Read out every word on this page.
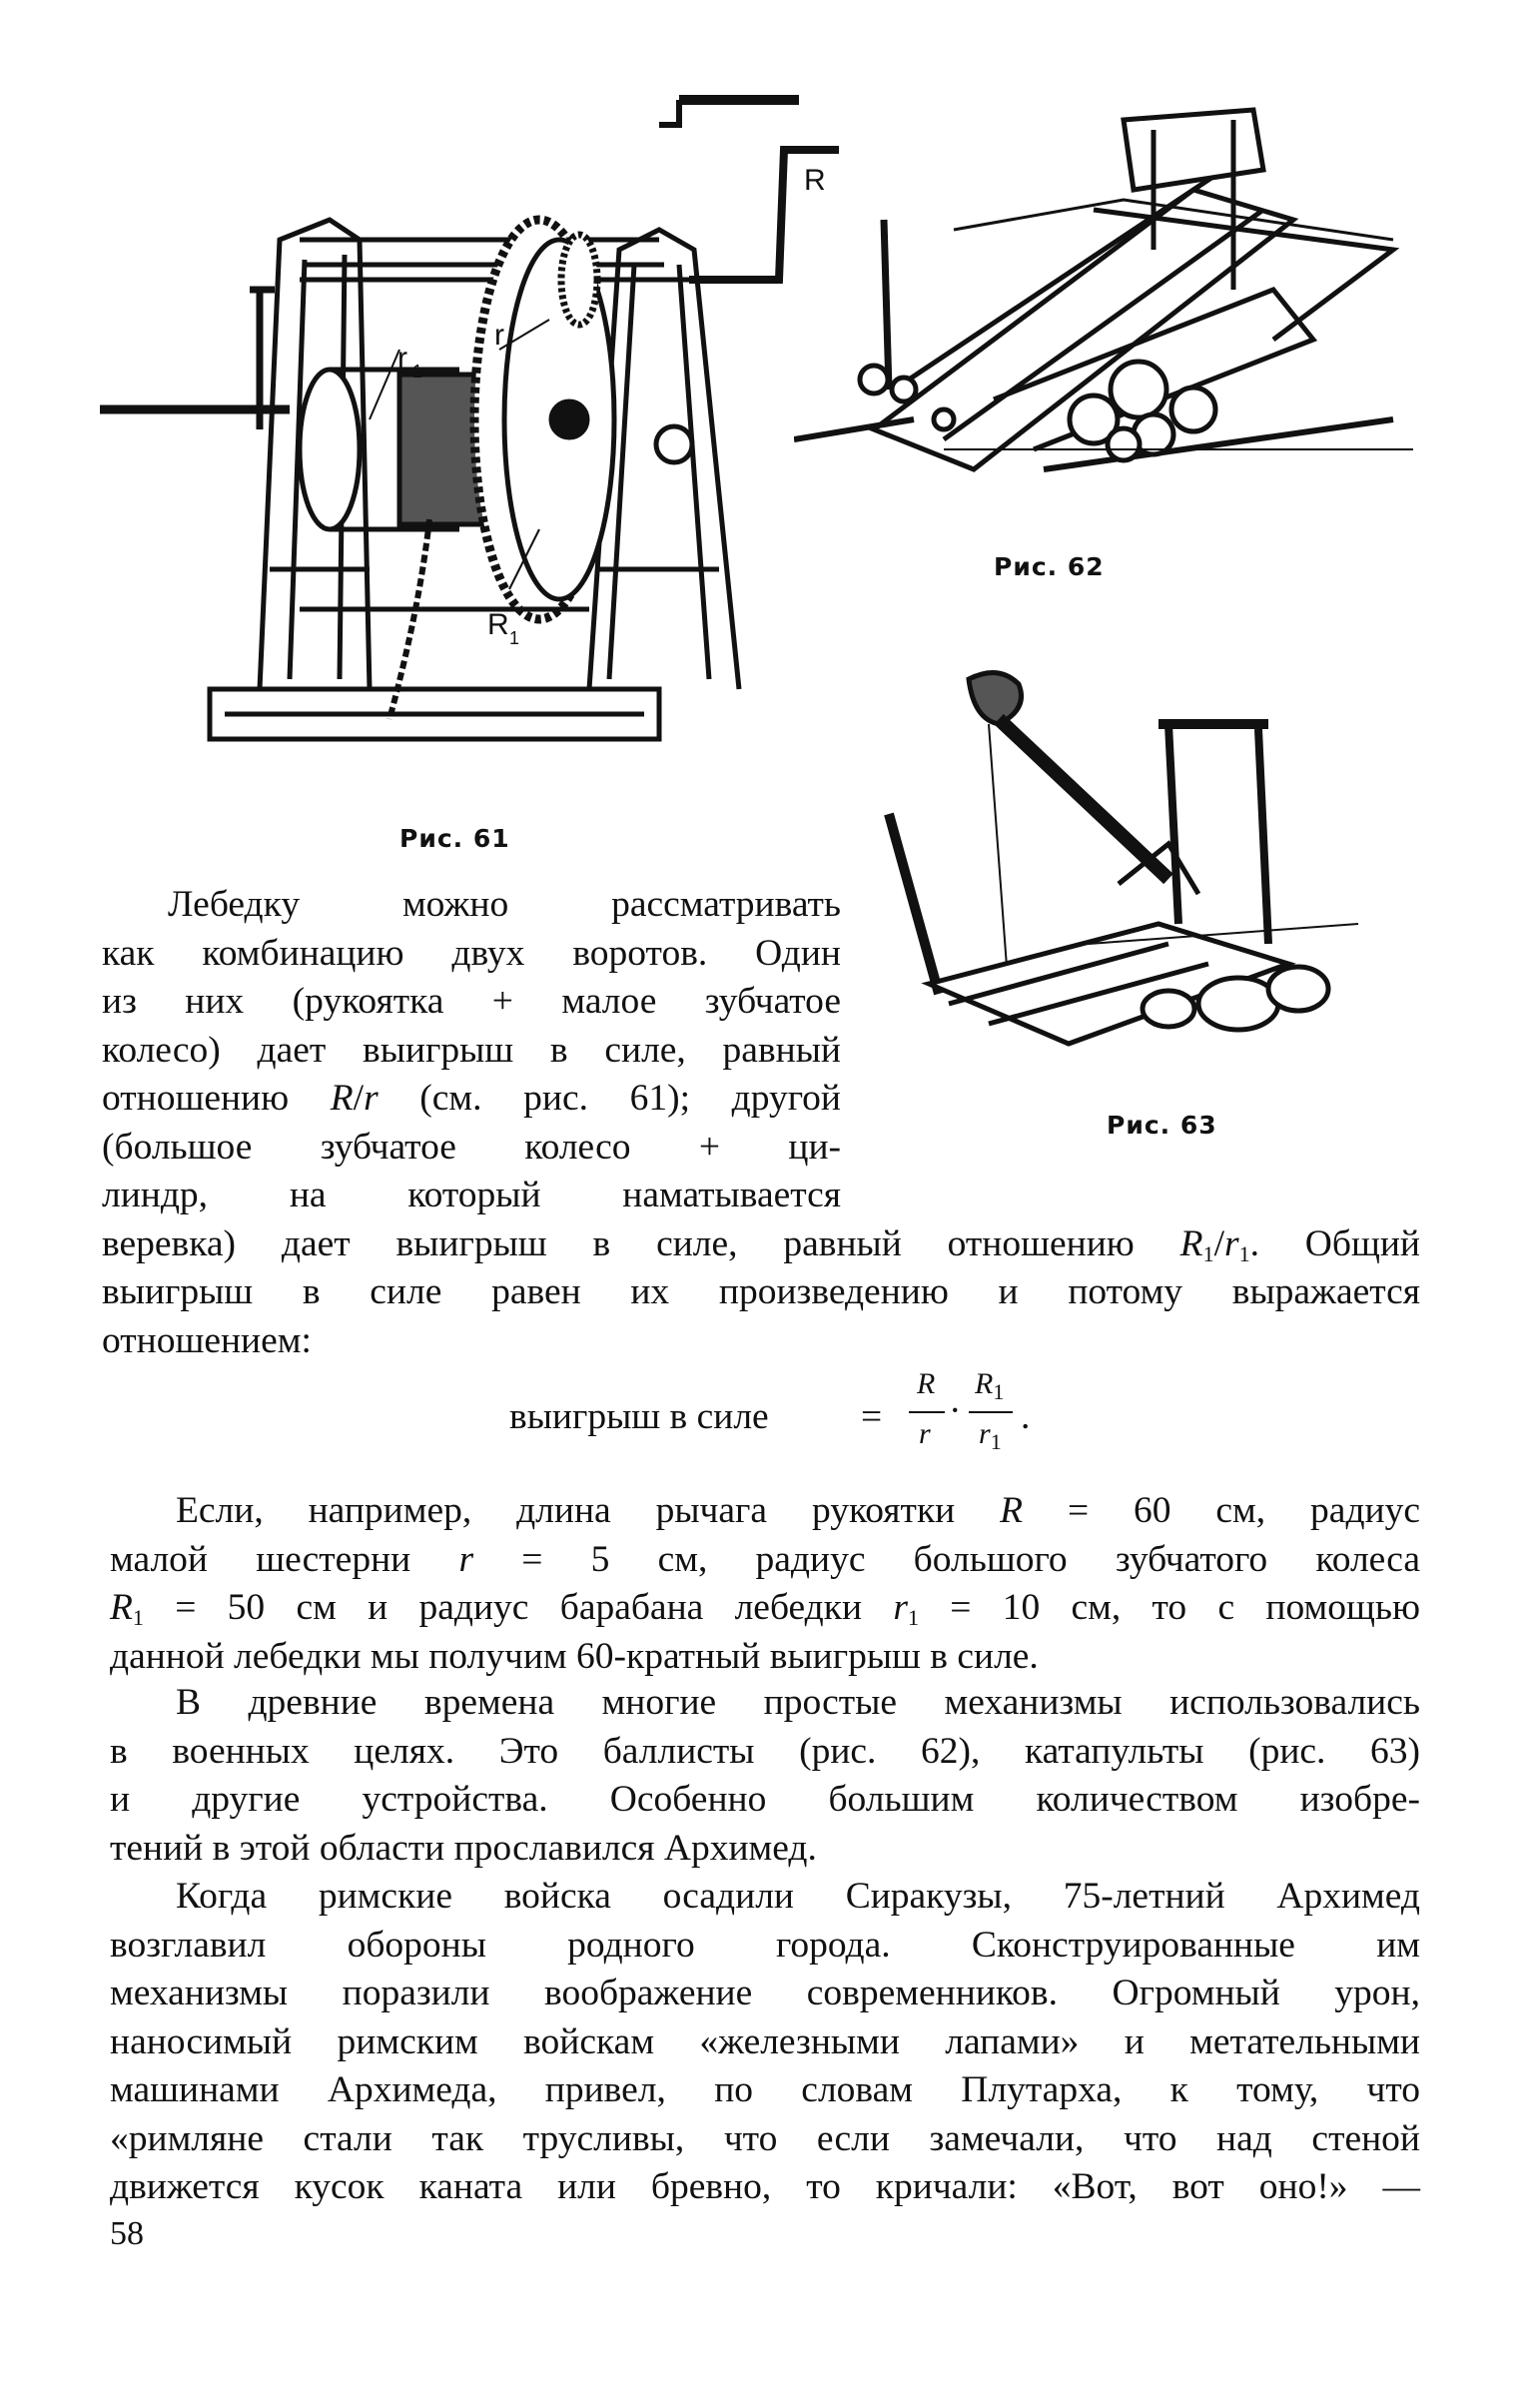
R
r
r 1
R 1
Рис. 61
Рис. 62
Рис. 63
Лебедку можно рассматривать
как комбинацию двух воротов. Один
из них (рукоятка + малое зубчатое
колесо) дает выигрыш в силе, равный
отношению R/r (см. рис. 61); другой
(большое зубчатое колесо + ци-
линдр, на который наматывается
веревка) дает выигрыш в силе, равный отношению $R_1/r_1$. Общий
выигрыш в силе равен их произведению и потому выражается
отношением:
выигрыш в силе =
R
r
·
$R_1$
$r_1$
.
Если, например, длина рычага рукоятки R = 60 см, радиус
малой шестерни r = 5 см, радиус большого зубчатого колеса
$R_1 = 50$ см и радиус барабана лебедки $r_1 = 10$ см, то с помощью
данной лебедки мы получим 60-кратный выигрыш в силе.
В древние времена многие простые механизмы использовались
в военных целях. Это баллисты (рис. 62), катапульты (рис. 63)
и другие устройства. Особенно большим количеством изобре-
тений в этой области прославился Архимед.
Когда римские войска осадили Сиракузы, 75-летний Архимед
возглавил обороны родного города. Сконструированные им
механизмы поразили воображение современников. Огромный урон,
наносимый римским войскам «железными лапами» и метательными
машинами Архимеда, привел, по словам Плутарха, к тому, что
«римляне стали так трусливы, что если замечали, что над стеной
движется кусок каната или бревно, то кричали: «Вот, вот оно!» —
58
